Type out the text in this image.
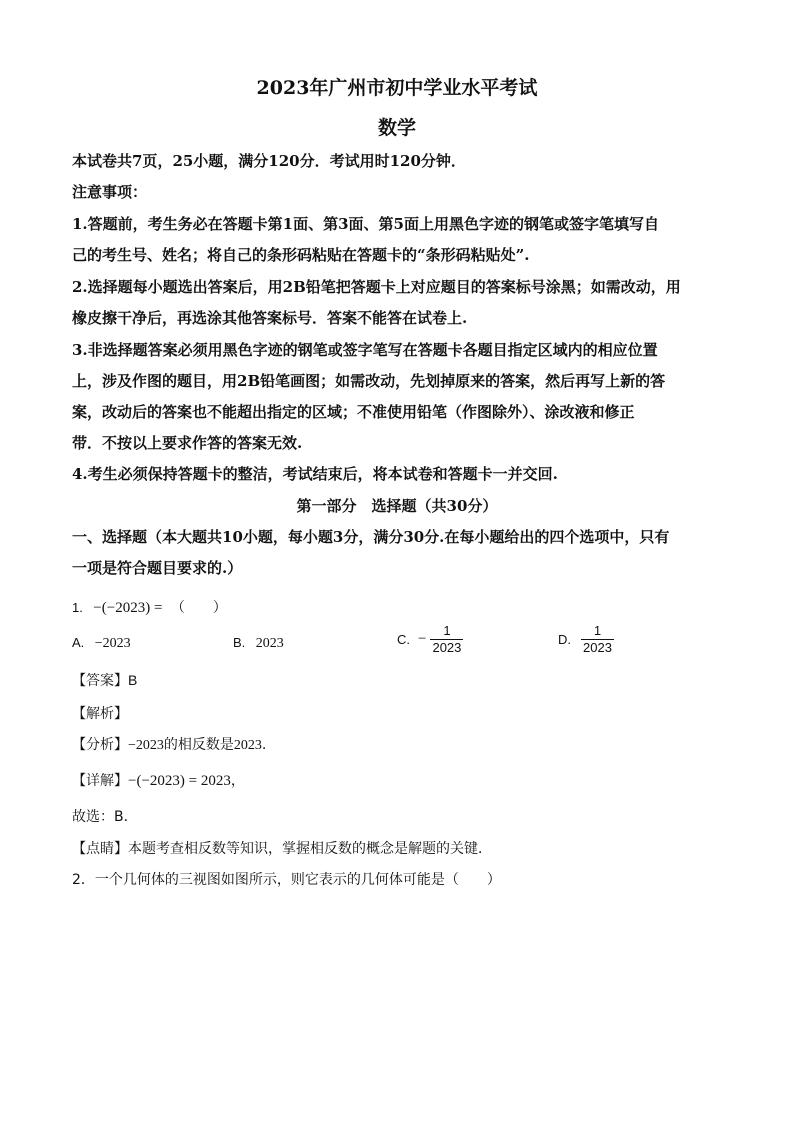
2023年广州市初中学业水平考试
数学
本试卷共7页，25小题，满分120分．考试用时120分钟．
注意事项：
1.答题前，考生务必在答题卡第1面、第3面、第5面上用黑色字迹的钢笔或签字笔填写自
己的考生号、姓名；将自己的条形码粘贴在答题卡的“条形码粘贴处”.
2.选择题每小题选出答案后，用2B铅笔把答题卡上对应题目的答案标号涂黑；如需改动，用
橡皮擦干净后，再选涂其他答案标号．答案不能答在试卷上.
3.非选择题答案必须用黑色字迹的钢笔或签字笔写在答题卡各题目指定区域内的相应位置
上，涉及作图的题目，用2B铅笔画图；如需改动，先划掉原来的答案，然后再写上新的答
案，改动后的答案也不能超出指定的区域；不准使用铅笔（作图除外）、涂改液和修正
带．不按以上要求作答的答案无效.
4.考生必须保持答题卡的整洁，考试结束后，将本试卷和答题卡一并交回.
第一部分　选择题（共30分）
一、选择题（本大题共10小题，每小题3分，满分30分.在每小题给出的四个选项中，只有
一项是符合题目要求的.）
1. −(−2023) = （　　）
A. −2023	B. 2023	C. − $\frac{1}{2023}$	D. $\frac{1}{2023}$
【答案】B
【解析】
【分析】−2023的相反数是2023.
【详解】−(−2023) = 2023，
故选：B．
【点睛】本题考查相反数等知识，掌握相反数的概念是解题的关键．
2．一个几何体的三视图如图所示，则它表示的几何体可能是（　　）
